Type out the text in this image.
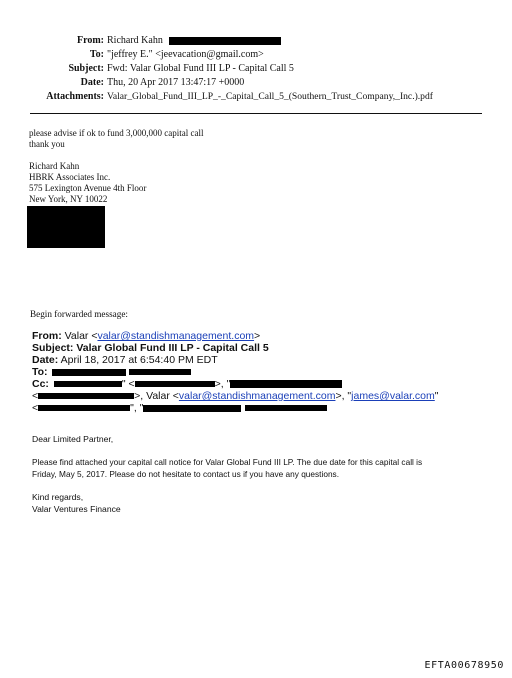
From: Richard Kahn
To: "jeffrey E." <jeevacation@gmail.com>
Subject: Fwd: Valar Global Fund III LP - Capital Call 5
Date: Thu, 20 Apr 2017 13:47:17 +0000
Attachments: Valar_Global_Fund_III_LP_-_Capital_Call_5_(Southern_Trust_Company,_Inc.).pdf
please advise if ok to fund 3,000,000 capital call
thank you
Richard Kahn
HBRK Associates Inc.
575 Lexington Avenue 4th Floor
New York, NY 10022
Begin forwarded message:
From: Valar <valar@standishmanagement.com>
Subject: Valar Global Fund III LP - Capital Call 5
Date: April 18, 2017 at 6:54:40 PM EDT
To:
Cc:	" <	>, "
<	>, Valar <valar@standishmanagement.com>, "james@valar.com"
<	", "
Dear Limited Partner,
Please find attached your capital call notice for Valar Global Fund III LP. The due date for this capital call is
Friday, May 5, 2017. Please do not hesitate to contact us if you have any questions.
Kind regards,
Valar Ventures Finance
EFTA00678950
